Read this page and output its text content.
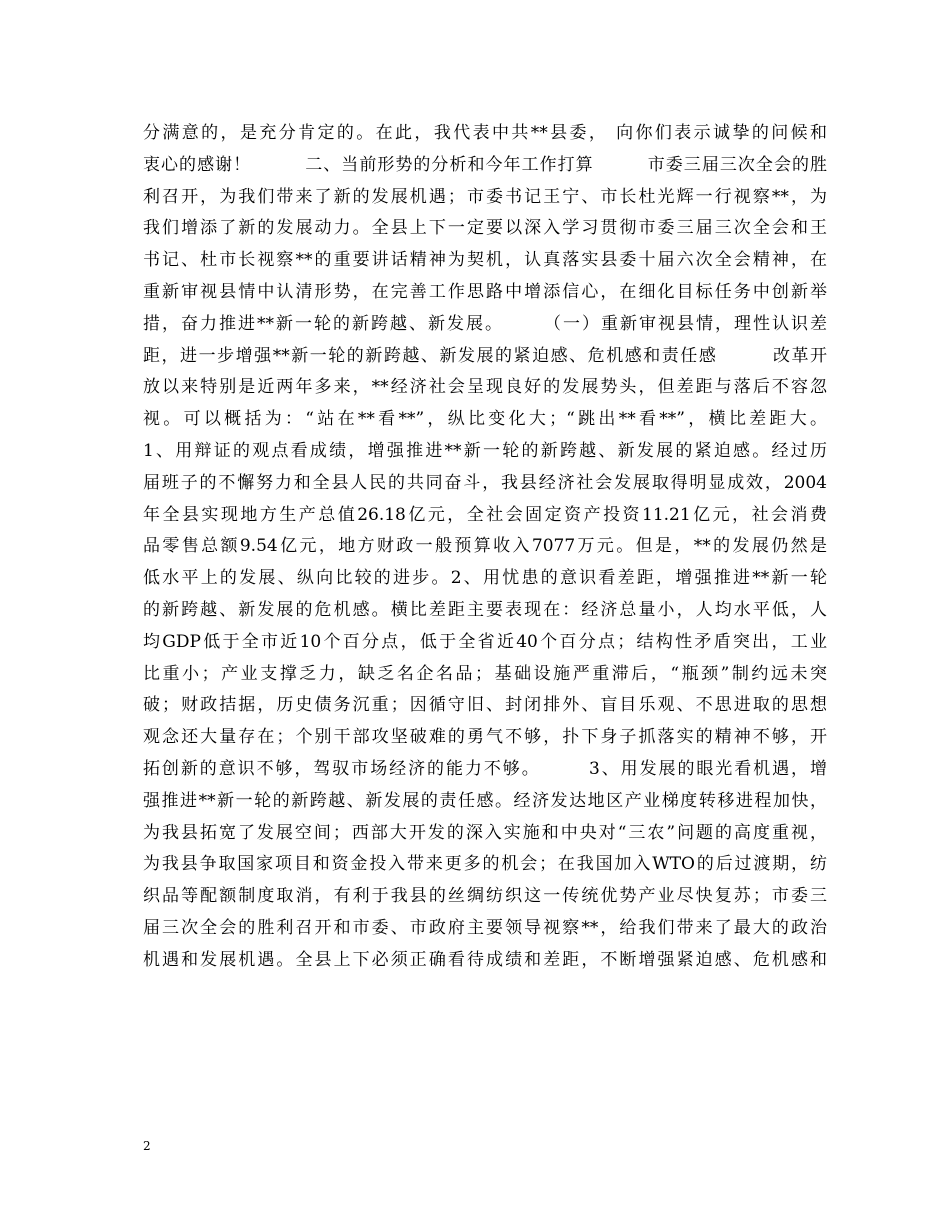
分满意的，是充分肯定的。在此，我代表中共**县委， 向你们表示诚挚的问候和
衷心的感谢！　　　二、当前形势的分析和今年工作打算　　　市委三届三次全会的胜
利召开，为我们带来了新的发展机遇；市委书记王宁、市长杜光辉一行视察**，为
我们增添了新的发展动力。全县上下一定要以深入学习贯彻市委三届三次全会和王
书记、杜市长视察**的重要讲话精神为契机，认真落实县委十届六次全会精神，在
重新审视县情中认清形势，在完善工作思路中增添信心，在细化目标任务中创新举
措，奋力推进**新一轮的新跨越、新发展。　　　（一）重新审视县情，理性认识差
距，进一步增强**新一轮的新跨越、新发展的紧迫感、危机感和责任感　　　改革开
放以来特别是近两年多来，**经济社会呈现良好的发展势头，但差距与落后不容忽
视。可以概括为：“站在**看**”，纵比变化大；“跳出**看**”，横比差距大。
1、用辩证的观点看成绩，增强推进**新一轮的新跨越、新发展的紧迫感。经过历
届班子的不懈努力和全县人民的共同奋斗，我县经济社会发展取得明显成效，2004
年全县实现地方生产总值26.18亿元，全社会固定资产投资11.21亿元，社会消费
品零售总额9.54亿元，地方财政一般预算收入7077万元。但是，**的发展仍然是
低水平上的发展、纵向比较的进步。2、用忧患的意识看差距，增强推进**新一轮
的新跨越、新发展的危机感。横比差距主要表现在：经济总量小，人均水平低，人
均GDP低于全市近10个百分点，低于全省近40个百分点；结构性矛盾突出，工业
比重小；产业支撑乏力，缺乏名企名品；基础设施严重滞后，“瓶颈”制约远未突
破；财政拮据，历史债务沉重；因循守旧、封闭排外、盲目乐观、不思进取的思想
观念还大量存在；个别干部攻坚破难的勇气不够，扑下身子抓落实的精神不够，开
拓创新的意识不够，驾驭市场经济的能力不够。　　　3、用发展的眼光看机遇，增
强推进**新一轮的新跨越、新发展的责任感。经济发达地区产业梯度转移进程加快，
为我县拓宽了发展空间；西部大开发的深入实施和中央对“三农”问题的高度重视，
为我县争取国家项目和资金投入带来更多的机会；在我国加入WTO的后过渡期，纺
织品等配额制度取消，有利于我县的丝绸纺织这一传统优势产业尽快复苏；市委三
届三次全会的胜利召开和市委、市政府主要领导视察**，给我们带来了最大的政治
机遇和发展机遇。全县上下必须正确看待成绩和差距，不断增强紧迫感、危机感和
2
